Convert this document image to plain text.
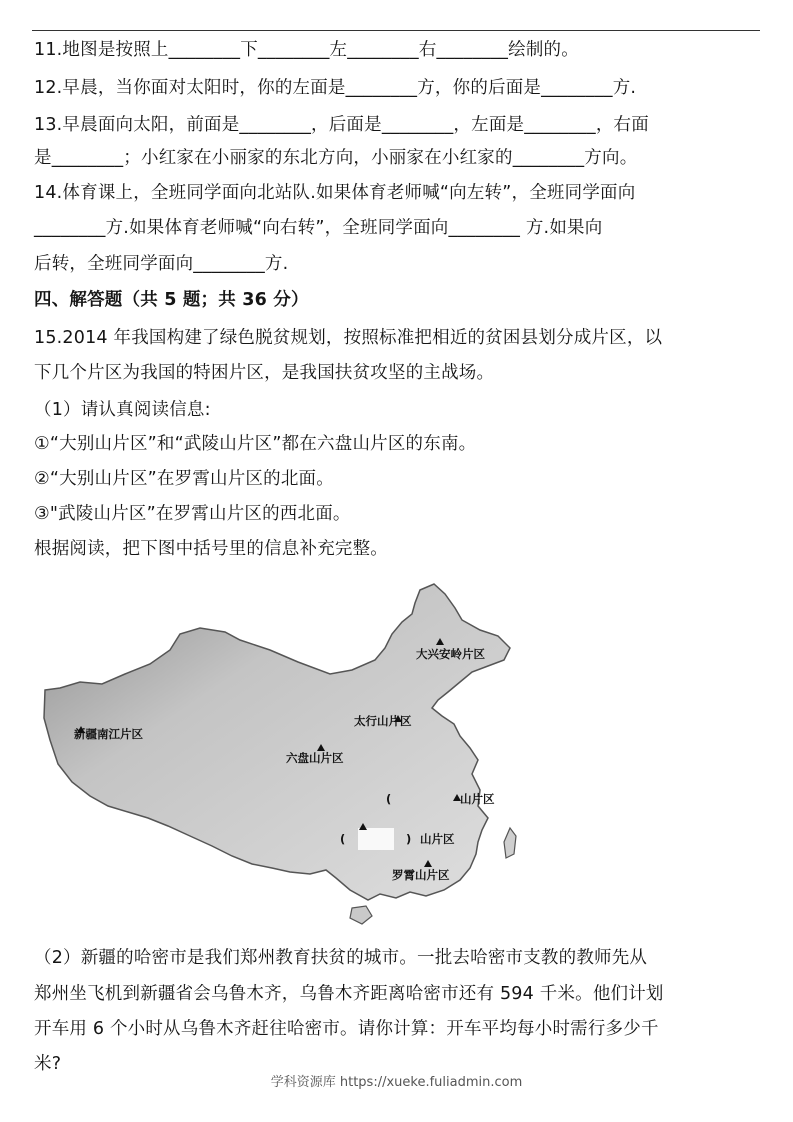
11.地图是按照上________下________左________右________绘制的。
12.早晨，当你面对太阳时，你的左面是________方，你的后面是________方.
13.早晨面向太阳，前面是________，后面是________，左面是________，右面
是________；小红家在小丽家的东北方向，小丽家在小红家的________方向。
14.体育课上，全班同学面向北站队.如果体育老师喊“向左转”，全班同学面向
________方.如果体育老师喊“向右转”，全班同学面向________ 方.如果向
后转，全班同学面向________方.
四、解答题（共 5 题；共 36 分）
15.2014 年我国构建了绿色脱贫规划，按照标准把相近的贫困县划分成片区，以
下几个片区为我国的特困片区，是我国扶贫攻坚的主战场。
（1）请认真阅读信息:
①“大别山片区”和“武陵山片区”都在六盘山片区的东南。
②“大别山片区”在罗霄山片区的北面。
③"武陵山片区”在罗霄山片区的西北面。
根据阅读，把下图中括号里的信息补充完整。
大兴安岭片区
太行山片区
新疆南江片区
六盘山片区
(	山片区
(	) 山片区
罗霄山片区
（2）新疆的哈密市是我们郑州教育扶贫的城市。一批去哈密市支教的教师先从
郑州坐飞机到新疆省会乌鲁木齐，乌鲁木齐距离哈密市还有 594 千米。他们计划
开车用 6 个小时从乌鲁木齐赶往哈密市。请你计算：开车平均每小时需行多少千
米?
学科资源库 https://xueke.fuliadmin.com
